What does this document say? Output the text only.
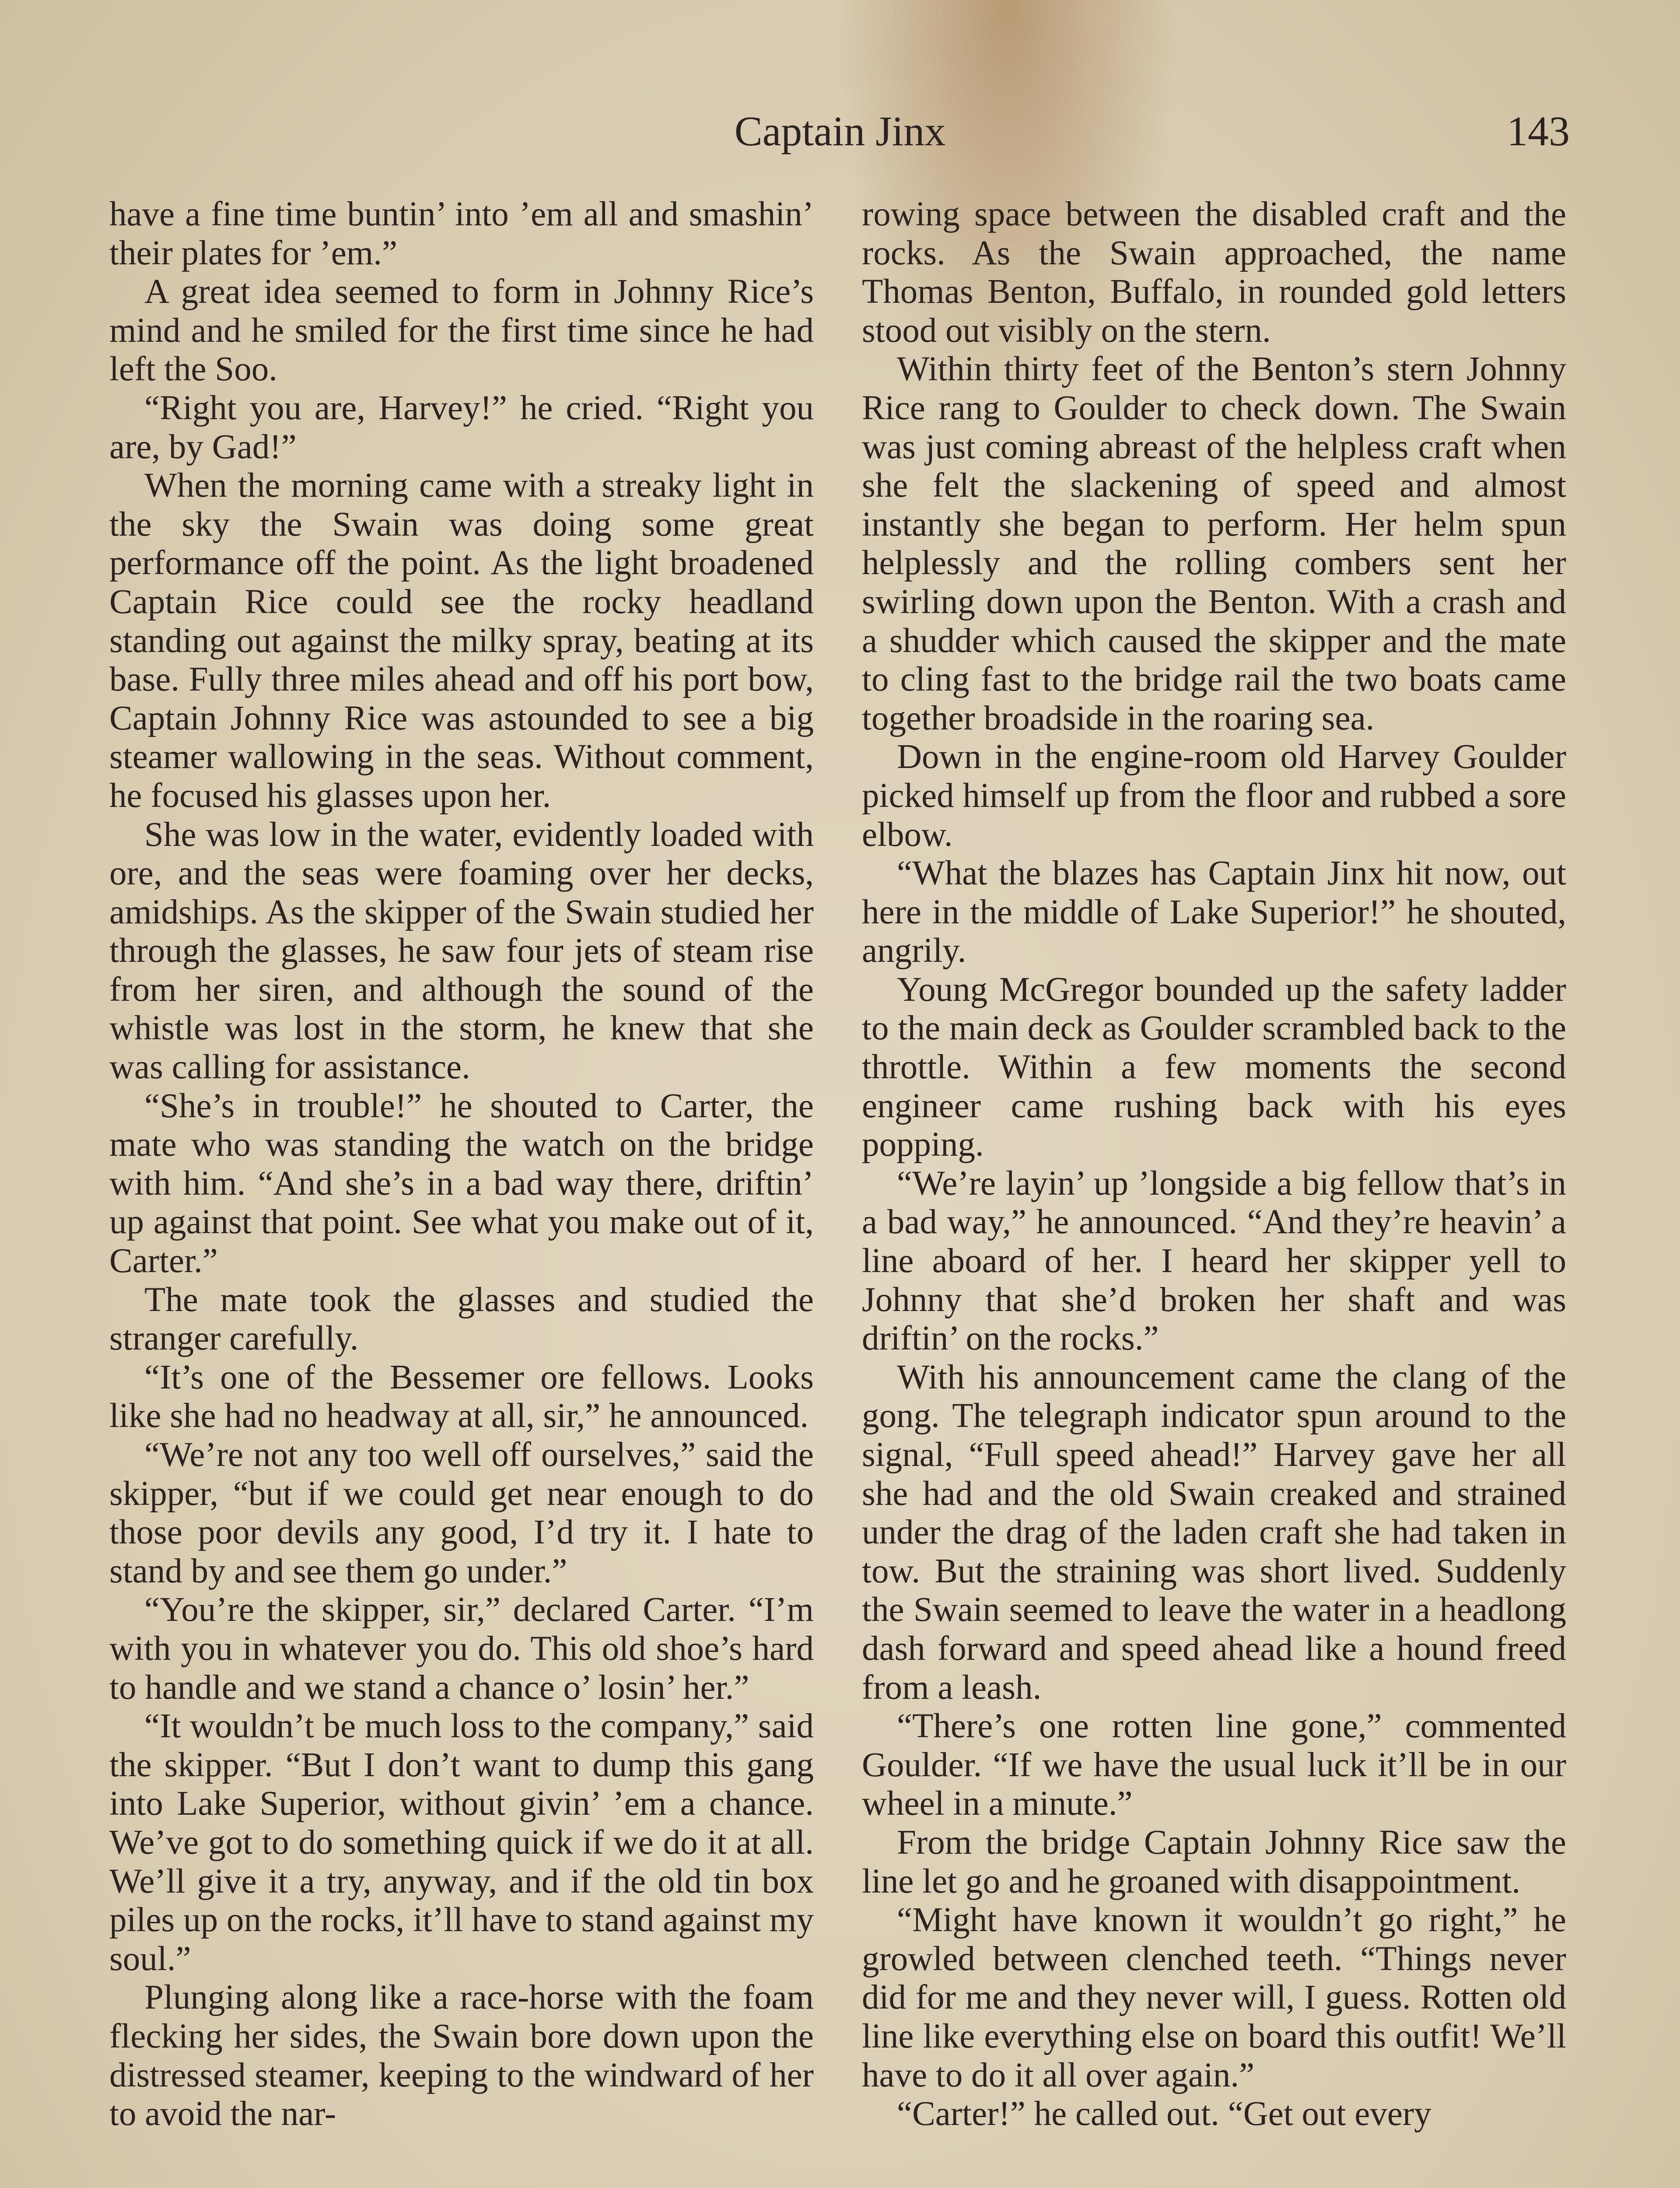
Captain Jinx	143

have a fine time buntin’ into ’em all and smashin’ their plates for ’em.”

A great idea seemed to form in Johnny Rice’s mind and he smiled for the first time since he had left the Soo.

“Right you are, Harvey!” he cried. “Right you are, by Gad!”

When the morning came with a streaky light in the sky the Swain was doing some great performance off the point. As the light broadened Captain Rice could see the rocky headland standing out against the milky spray, beating at its base. Fully three miles ahead and off his port bow, Captain Johnny Rice was astounded to see a big steamer wallowing in the seas. Without comment, he focused his glasses upon her.

She was low in the water, evidently loaded with ore, and the seas were foaming over her decks, amidships. As the skipper of the Swain studied her through the glasses, he saw four jets of steam rise from her siren, and although the sound of the whistle was lost in the storm, he knew that she was calling for assistance.

“She’s in trouble!” he shouted to Carter, the mate who was standing the watch on the bridge with him. “And she’s in a bad way there, driftin’ up against that point. See what you make out of it, Carter.”

The mate took the glasses and studied the stranger carefully.

“It’s one of the Bessemer ore fellows. Looks like she had no headway at all, sir,” he announced.

“We’re not any too well off ourselves,” said the skipper, “but if we could get near enough to do those poor devils any good, I’d try it. I hate to stand by and see them go under.”

“You’re the skipper, sir,” declared Carter. “I’m with you in whatever you do. This old shoe’s hard to handle and we stand a chance o’ losin’ her.”

“It wouldn’t be much loss to the company,” said the skipper. “But I don’t want to dump this gang into Lake Superior, without givin’ ’em a chance. We’ve got to do something quick if we do it at all. We’ll give it a try, anyway, and if the old tin box piles up on the rocks, it’ll have to stand against my soul.”

Plunging along like a race-horse with the foam flecking her sides, the Swain bore down upon the distressed steamer, keeping to the windward of her to avoid the nar-

rowing space between the disabled craft and the rocks. As the Swain approached, the name Thomas Benton, Buffalo, in rounded gold letters stood out visibly on the stern.

Within thirty feet of the Benton’s stern Johnny Rice rang to Goulder to check down. The Swain was just coming abreast of the helpless craft when she felt the slackening of speed and almost instantly she began to perform. Her helm spun helplessly and the rolling combers sent her swirling down upon the Benton. With a crash and a shudder which caused the skipper and the mate to cling fast to the bridge rail the two boats came together broadside in the roaring sea.

Down in the engine-room old Harvey Goulder picked himself up from the floor and rubbed a sore elbow.

“What the blazes has Captain Jinx hit now, out here in the middle of Lake Superior!” he shouted, angrily.

Young McGregor bounded up the safety ladder to the main deck as Goulder scrambled back to the throttle. Within a few moments the second engineer came rushing back with his eyes popping.

“We’re layin’ up ’longside a big fellow that’s in a bad way,” he announced. “And they’re heavin’ a line aboard of her. I heard her skipper yell to Johnny that she’d broken her shaft and was driftin’ on the rocks.”

With his announcement came the clang of the gong. The telegraph indicator spun around to the signal, “Full speed ahead!” Harvey gave her all she had and the old Swain creaked and strained under the drag of the laden craft she had taken in tow. But the straining was short lived. Suddenly the Swain seemed to leave the water in a headlong dash forward and speed ahead like a hound freed from a leash.

“There’s one rotten line gone,” commented Goulder. “If we have the usual luck it’ll be in our wheel in a minute.”

From the bridge Captain Johnny Rice saw the line let go and he groaned with disappointment.

“Might have known it wouldn’t go right,” he growled between clenched teeth. “Things never did for me and they never will, I guess. Rotten old line like everything else on board this outfit! We’ll have to do it all over again.”

“Carter!” he called out. “Get out every
